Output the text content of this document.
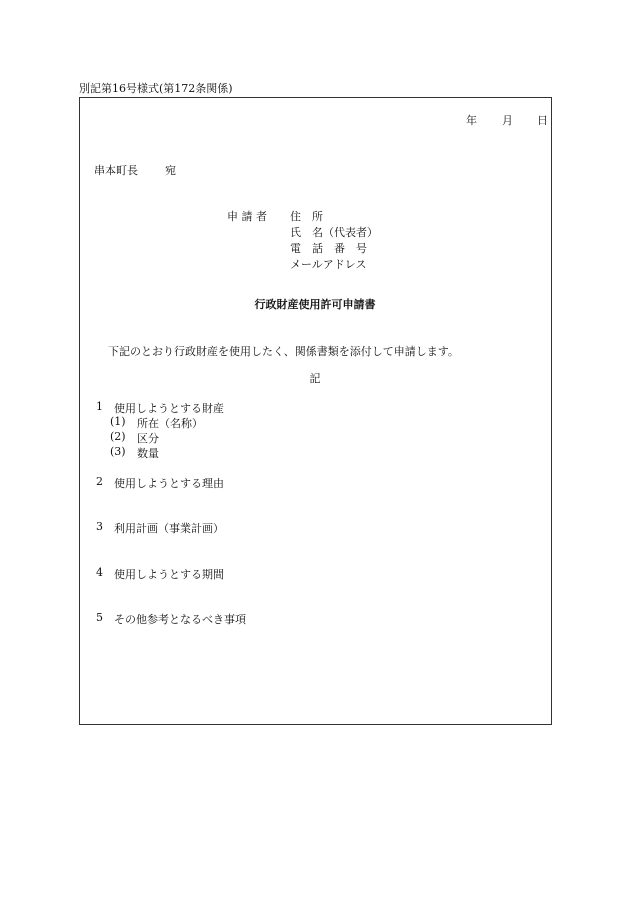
別記第16号様式(第172条関係)
年 月 日
串本町長 宛
申 請 者 住　所
氏　名（代表者）
電　話　番　号
メールアドレス
行政財産使用許可申請書
下記のとおり行政財産を使用したく、関係書類を添付して申請します。
記
1 使用しようとする財産
(1) 所在（名称）
(2) 区分
(3) 数量
2 使用しようとする理由
3 利用計画（事業計画）
4 使用しようとする期間
5 その他参考となるべき事項
